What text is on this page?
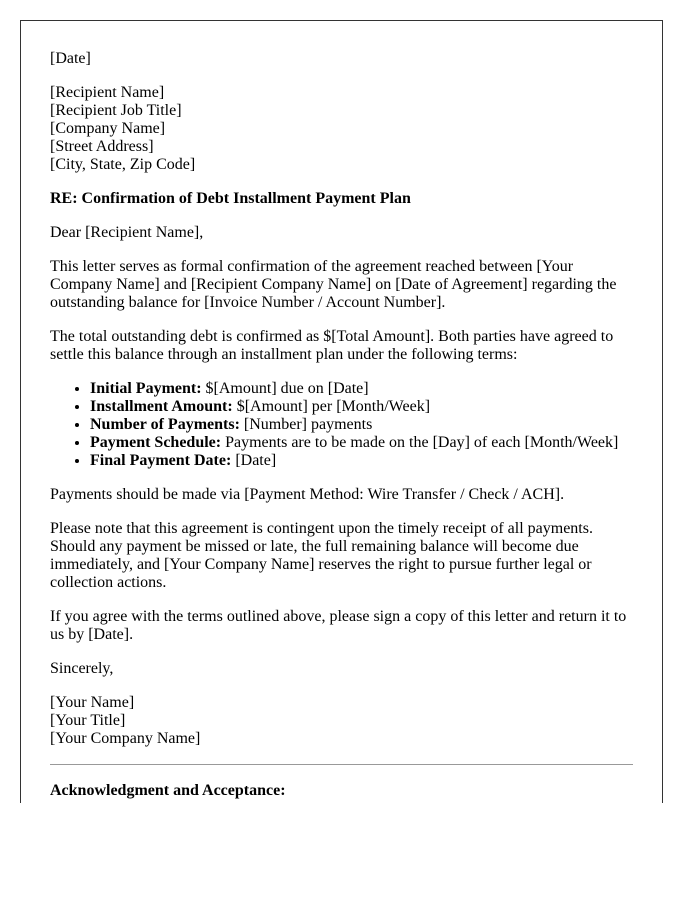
[Date]

[Recipient Name]
[Recipient Job Title]
[Company Name]
[Street Address]
[City, State, Zip Code]

RE: Confirmation of Debt Installment Payment Plan

Dear [Recipient Name],

This letter serves as formal confirmation of the agreement reached between [Your Company Name] and [Recipient Company Name] on [Date of Agreement] regarding the outstanding balance for [Invoice Number / Account Number].

The total outstanding debt is confirmed as $[Total Amount]. Both parties have agreed to settle this balance through an installment plan under the following terms:

• Initial Payment: $[Amount] due on [Date]
• Installment Amount: $[Amount] per [Month/Week]
• Number of Payments: [Number] payments
• Payment Schedule: Payments are to be made on the [Day] of each [Month/Week]
• Final Payment Date: [Date]

Payments should be made via [Payment Method: Wire Transfer / Check / ACH].

Please note that this agreement is contingent upon the timely receipt of all payments. Should any payment be missed or late, the full remaining balance will become due immediately, and [Your Company Name] reserves the right to pursue further legal or collection actions.

If you agree with the terms outlined above, please sign a copy of this letter and return it to us by [Date].

Sincerely,

[Your Name]
[Your Title]
[Your Company Name]

Acknowledgment and Acceptance:
